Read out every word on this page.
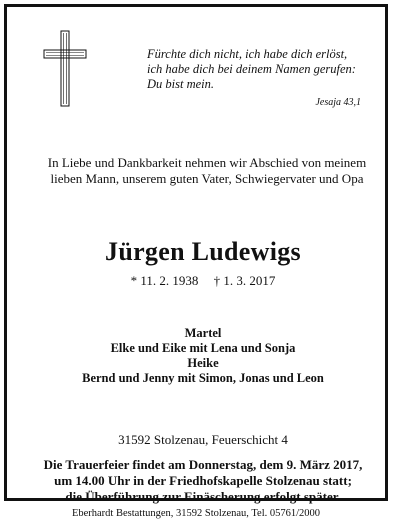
Fürchte dich nicht, ich habe dich erlöst,
ich habe dich bei deinem Namen gerufen:
Du bist mein.
Jesaja 43,1
In Liebe und Dankbarkeit nehmen wir Abschied von meinem
lieben Mann, unserem guten Vater, Schwiegervater und Opa
Jürgen Ludewigs
* 11. 2. 1938 † 1. 3. 2017
Martel
Elke und Eike mit Lena und Sonja
Heike
Bernd und Jenny mit Simon, Jonas und Leon
31592 Stolzenau, Feuerschicht 4
Die Trauerfeier findet am Donnerstag, dem 9. März 2017,
um 14.00 Uhr in der Friedhofskapelle Stolzenau statt;
die Überführung zur Einäscherung erfolgt später.
Eberhardt Bestattungen, 31592 Stolzenau, Tel. 05761/2000
